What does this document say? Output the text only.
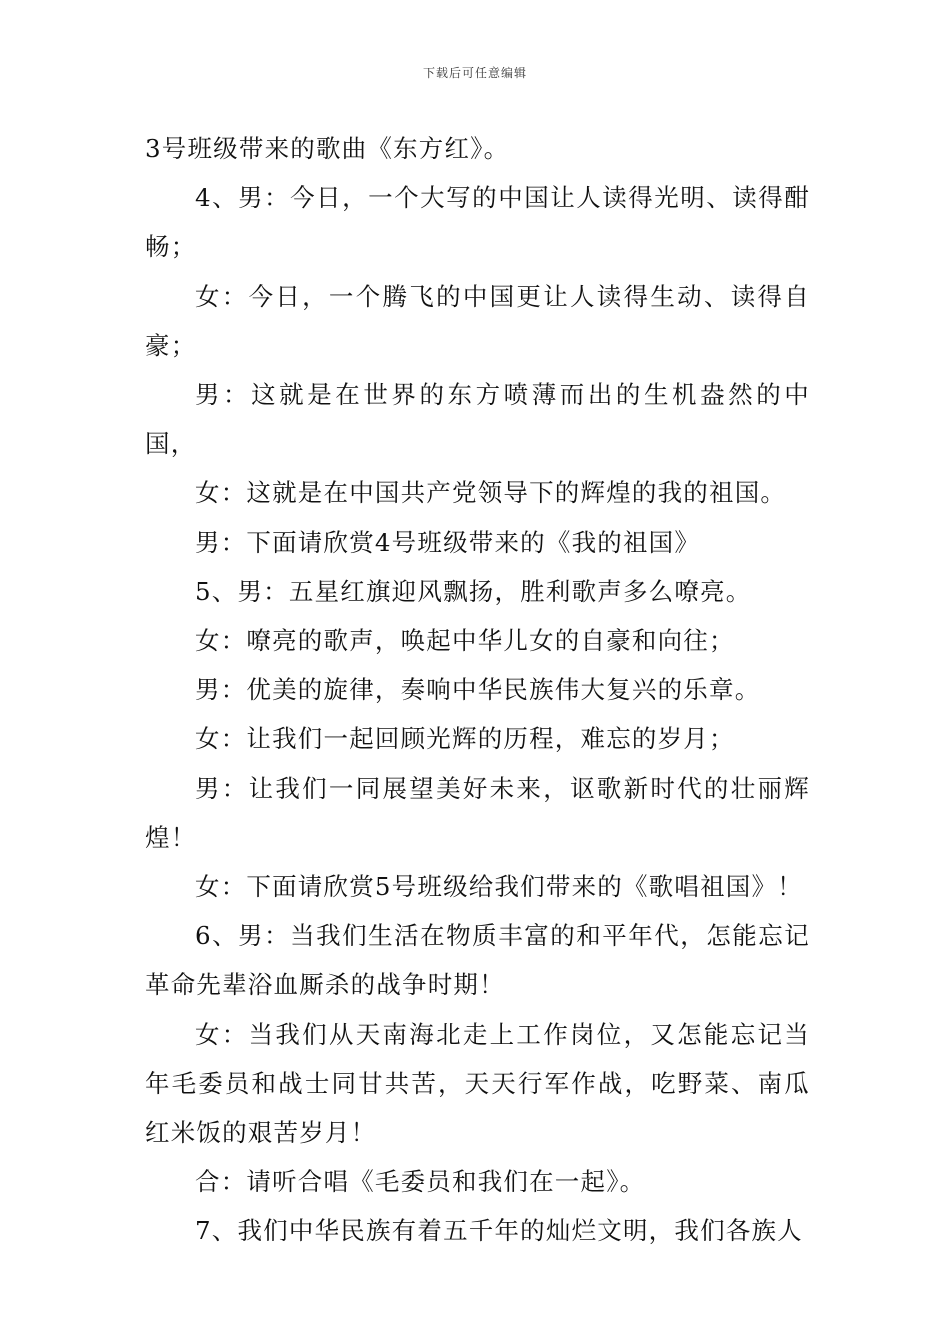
下载后可任意编辑

3号班级带来的歌曲《东方红》。

4、男：今日，一个大写的中国让人读得光明、读得酣畅；

女：今日，一个腾飞的中国更让人读得生动、读得自豪；

男：这就是在世界的东方喷薄而出的生机盎然的中国，

女：这就是在中国共产党领导下的辉煌的我的祖国。

男：下面请欣赏4号班级带来的《我的祖国》

5、男：五星红旗迎风飘扬，胜利歌声多么嘹亮。

女：嘹亮的歌声，唤起中华儿女的自豪和向往；

男：优美的旋律，奏响中华民族伟大复兴的乐章。

女：让我们一起回顾光辉的历程，难忘的岁月；

男：让我们一同展望美好未来，讴歌新时代的壮丽辉煌！

女：下面请欣赏5号班级给我们带来的《歌唱祖国》！

6、男：当我们生活在物质丰富的和平年代，怎能忘记革命先辈浴血厮杀的战争时期！

女：当我们从天南海北走上工作岗位，又怎能忘记当年毛委员和战士同甘共苦，天天行军作战，吃野菜、南瓜红米饭的艰苦岁月！

合：请听合唱《毛委员和我们在一起》。

7、我们中华民族有着五千年的灿烂文明，我们各族人
